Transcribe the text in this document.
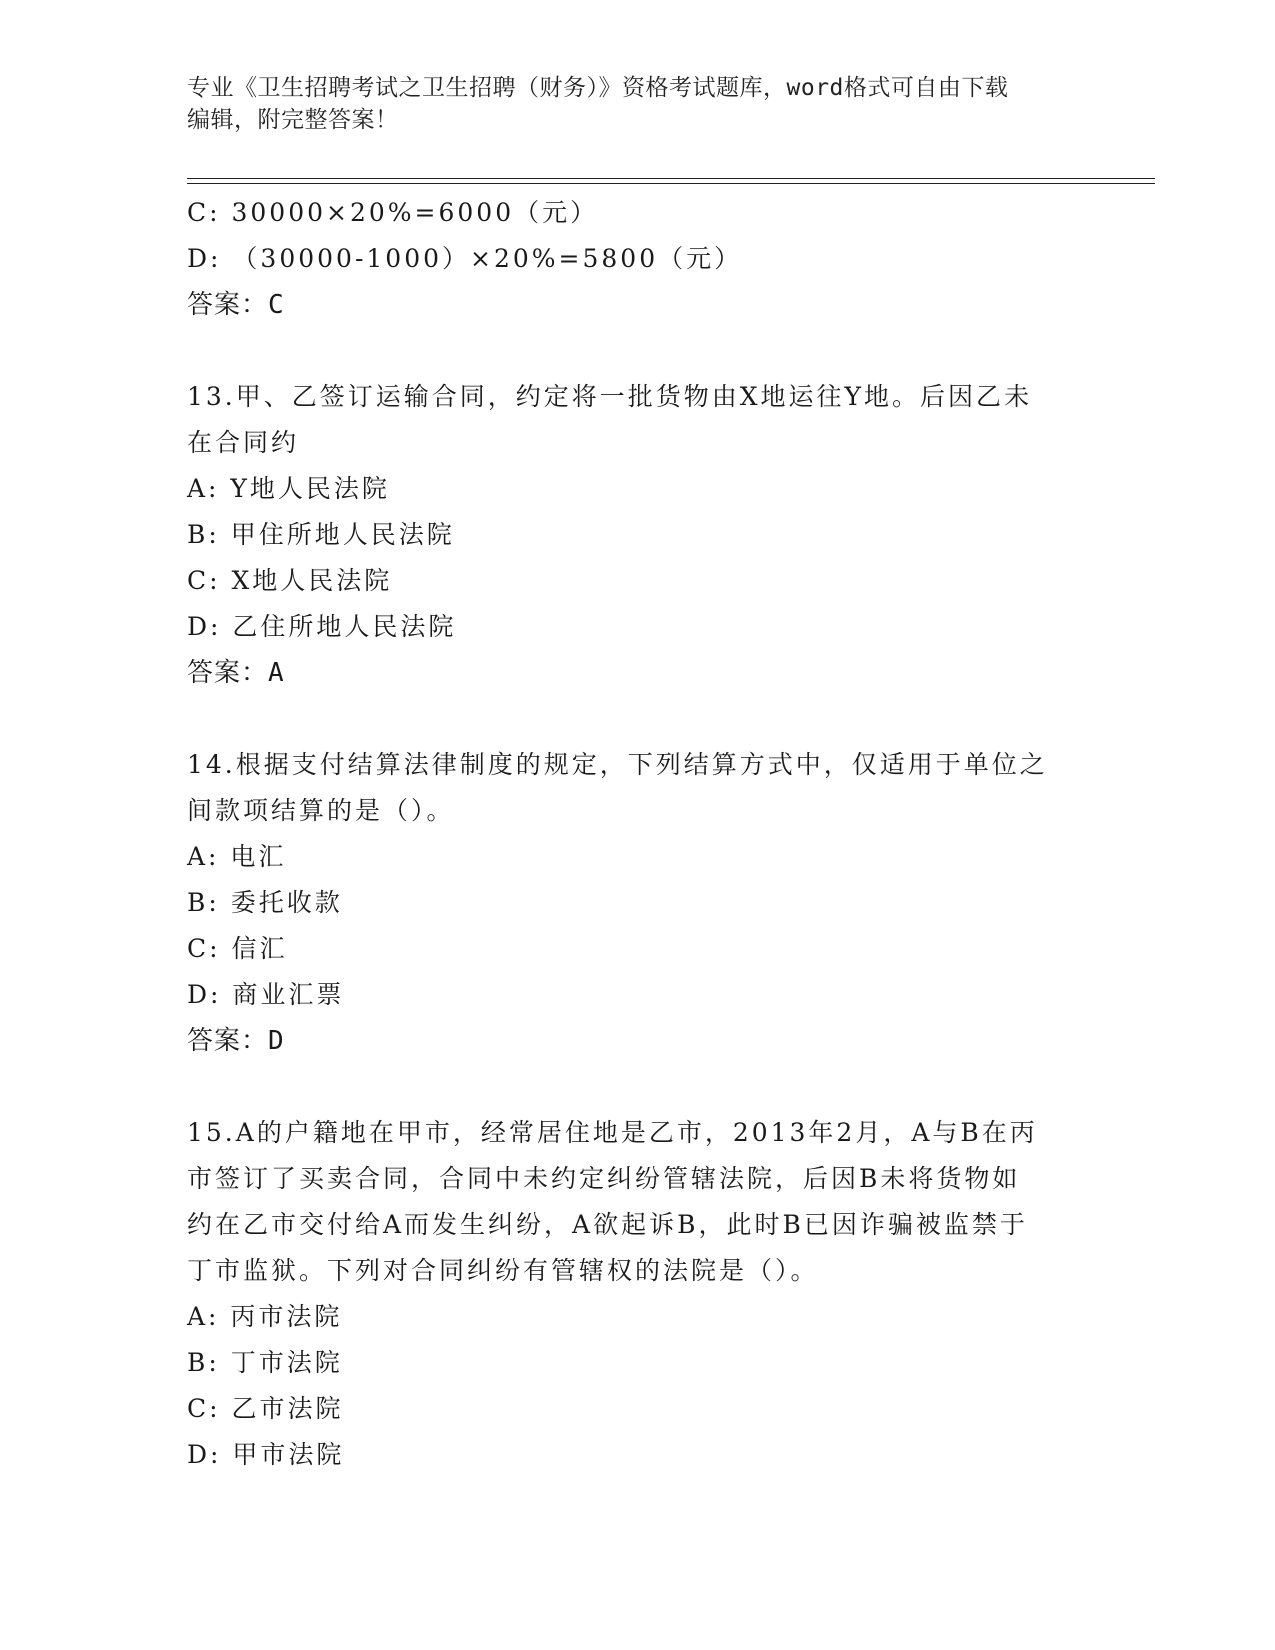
专业《卫生招聘考试之卫生招聘（财务）》资格考试题库，word格式可自由下载
编辑，附完整答案！
C: 30000×20%=6000（元）
D: （30000-1000）×20%=5800（元）
答案：C
13.甲、乙签订运输合同，约定将一批货物由X地运往Y地。后因乙未
在合同约
A: Y地人民法院
B: 甲住所地人民法院
C: X地人民法院
D: 乙住所地人民法院
答案：A
14.根据支付结算法律制度的规定，下列结算方式中，仅适用于单位之
间款项结算的是（）。
A: 电汇
B: 委托收款
C: 信汇
D: 商业汇票
答案：D
15.A的户籍地在甲市，经常居住地是乙市，2013年2月，A与B在丙
市签订了买卖合同，合同中未约定纠纷管辖法院，后因B未将货物如
约在乙市交付给A而发生纠纷，A欲起诉B，此时B已因诈骗被监禁于
丁市监狱。下列对合同纠纷有管辖权的法院是（）。
A: 丙市法院
B: 丁市法院
C: 乙市法院
D: 甲市法院
